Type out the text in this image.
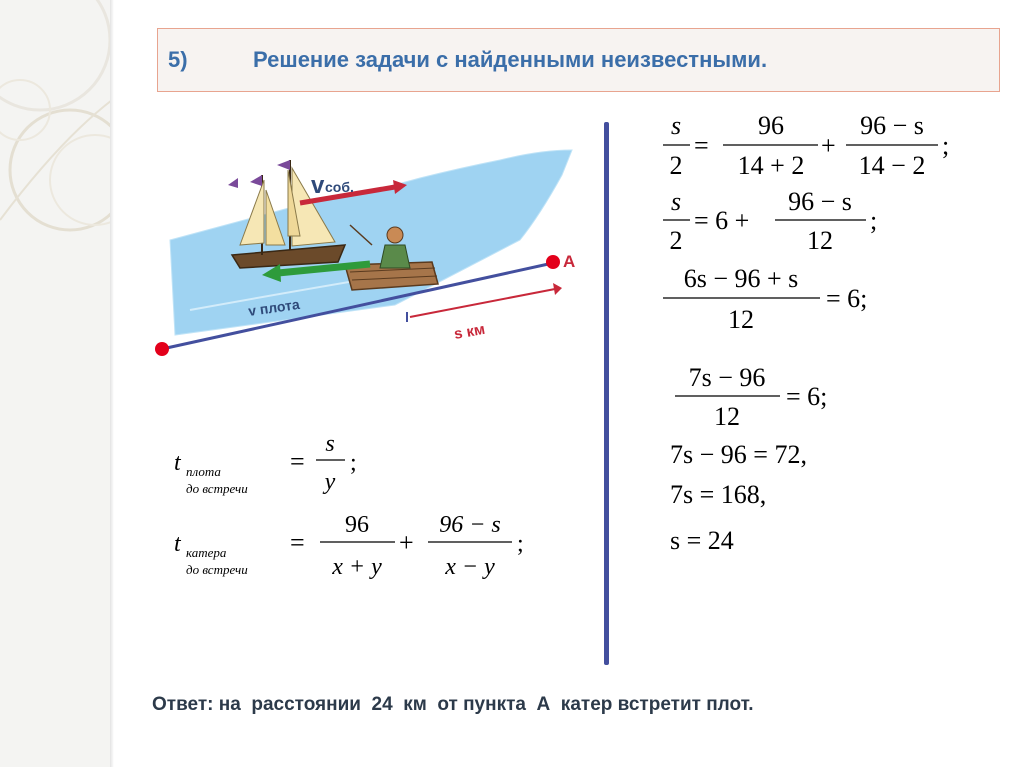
5)	Решение задачи с найденными неизвестными.
v соб.
v плота
s км
A
t плота
до встречи
=
s
y
;
t катера
до встречи
=
96
x + y
+
96 − s
x − y
;
s
2
=
96
14 + 2
+
96 − s
14 − 2
;
s
2
= 6 +
96 − s
12
;
6s − 96 + s
12
= 6;
7s − 96
12
= 6;
7s − 96 = 72,
7s = 168,
s = 24
Ответ: на  расстоянии  24  км  от пункта  А  катер встретит плот.
